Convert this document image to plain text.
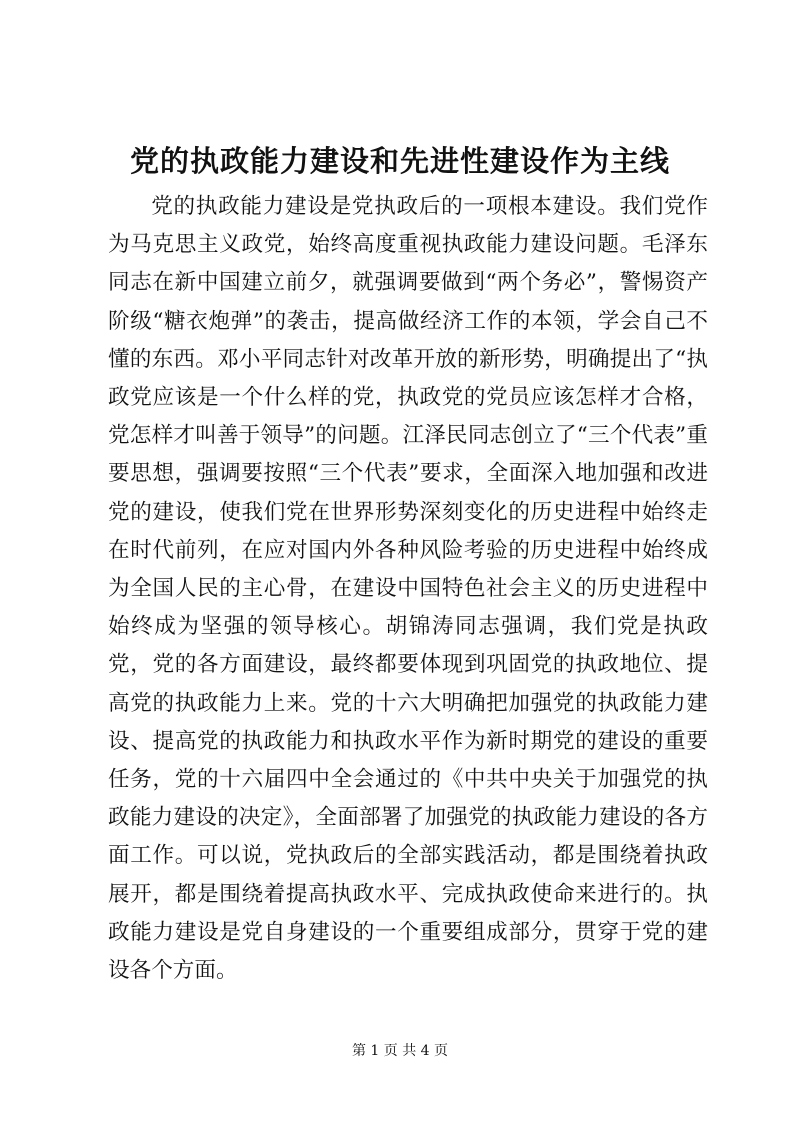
党的执政能力建设和先进性建设作为主线

党的执政能力建设是党执政后的一项根本建设。我们党作为马克思主义政党，始终高度重视执政能力建设问题。毛泽东同志在新中国建立前夕，就强调要做到“两个务必”，警惕资产阶级“糖衣炮弹”的袭击，提高做经济工作的本领，学会自己不懂的东西。邓小平同志针对改革开放的新形势，明确提出了“执政党应该是一个什么样的党，执政党的党员应该怎样才合格，党怎样才叫善于领导”的问题。江泽民同志创立了“三个代表”重要思想，强调要按照“三个代表”要求，全面深入地加强和改进党的建设，使我们党在世界形势深刻变化的历史进程中始终走在时代前列，在应对国内外各种风险考验的历史进程中始终成为全国人民的主心骨，在建设中国特色社会主义的历史进程中始终成为坚强的领导核心。胡锦涛同志强调，我们党是执政党，党的各方面建设，最终都要体现到巩固党的执政地位、提高党的执政能力上来。党的十六大明确把加强党的执政能力建设、提高党的执政能力和执政水平作为新时期党的建设的重要任务，党的十六届四中全会通过的《中共中央关于加强党的执政能力建设的决定》，全面部署了加强党的执政能力建设的各方面工作。可以说，党执政后的全部实践活动，都是围绕着执政展开，都是围绕着提高执政水平、完成执政使命来进行的。执政能力建设是党自身建设的一个重要组成部分，贯穿于党的建设各个方面。

第 1 页 共 4 页
